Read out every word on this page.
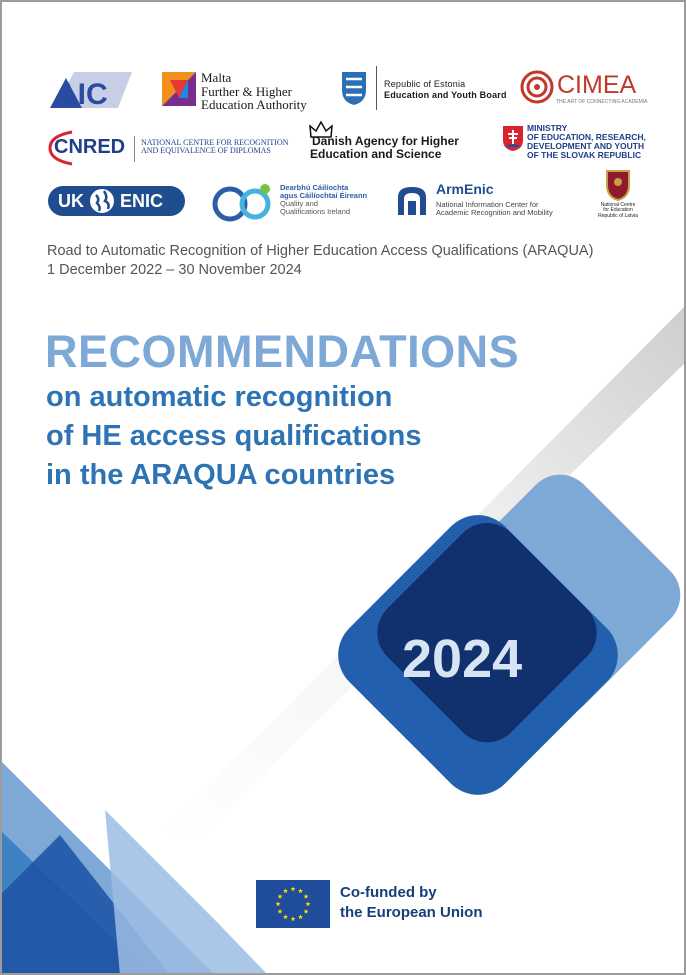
AIC
Malta
Further & Higher
Education Authority
Republic of Estonia
Education and Youth Board CIMEA
THE ART OF CONNECTING ACADEMIA
CNRED NATIONAL CENTRE FOR RECOGNITION
AND EQUIVALENCE OF DIPLOMAS
Danish Agency for Higher
Education and Science
MINISTRY
OF EDUCATION, RESEARCH,
DEVELOPMENT AND YOUTH
OF THE SLOVAK REPUBLIC
UK ENIC
Dearbhú Cáilíochta
agus Cáilíochtaí Éireann
Quality and
Qualifications Ireland
ArmEnic
National Information Center for
Academic Recognition and Mobility
National Centre
for Education
Republic of Latvia
Road to Automatic Recognition of Higher Education Access Qualifications (ARAQUA)
1 December 2022 – 30 November 2024
RECOMMENDATIONS
on automatic recognition
of HE access qualifications
in the ARAQUA countries
2024
Co-funded by
the European Union
